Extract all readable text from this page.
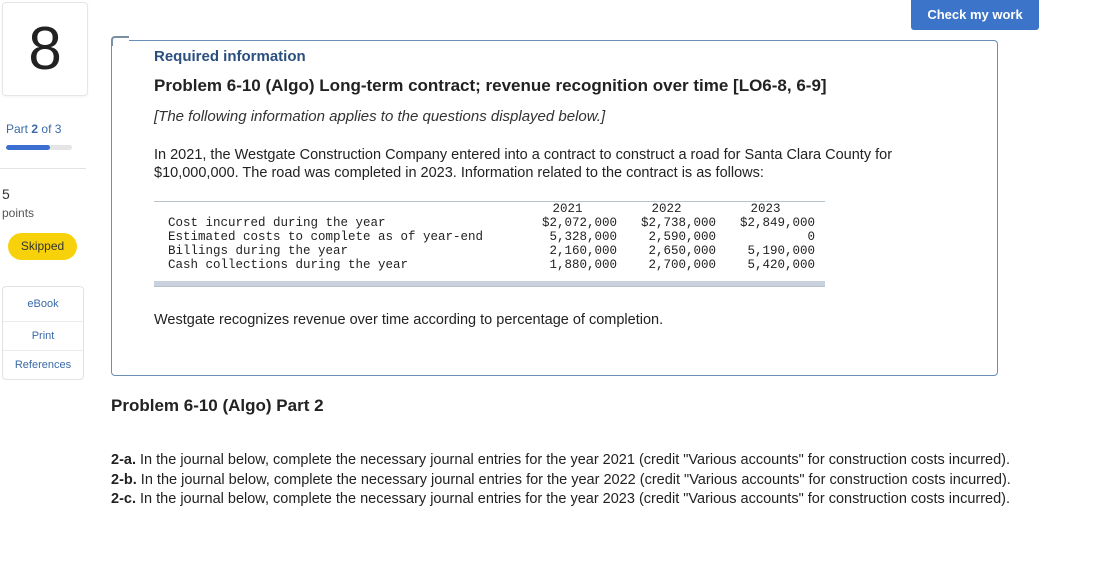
8
Part 2 of 3
5
points
Skipped
eBook
Print
References
Check my work
Required information
Problem 6-10 (Algo) Long-term contract; revenue recognition over time [LO6-8, 6-9]
[The following information applies to the questions displayed below.]
In 2021, the Westgate Construction Company entered into a contract to construct a road for Santa Clara County for $10,000,000. The road was completed in 2023. Information related to the contract is as follows:
	2021	2022	2023
Cost incurred during the year	$2,072,000	$2,738,000	$2,849,000
Estimated costs to complete as of year-end	5,328,000	2,590,000	0
Billings during the year	2,160,000	2,650,000	5,190,000
Cash collections during the year	1,880,000	2,700,000	5,420,000
Westgate recognizes revenue over time according to percentage of completion.
Problem 6-10 (Algo) Part 2

2-a. In the journal below, complete the necessary journal entries for the year 2021 (credit "Various accounts" for construction costs incurred).

2-b. In the journal below, complete the necessary journal entries for the year 2022 (credit "Various accounts" for construction costs incurred).

2-c. In the journal below, complete the necessary journal entries for the year 2023 (credit "Various accounts" for construction costs incurred).
